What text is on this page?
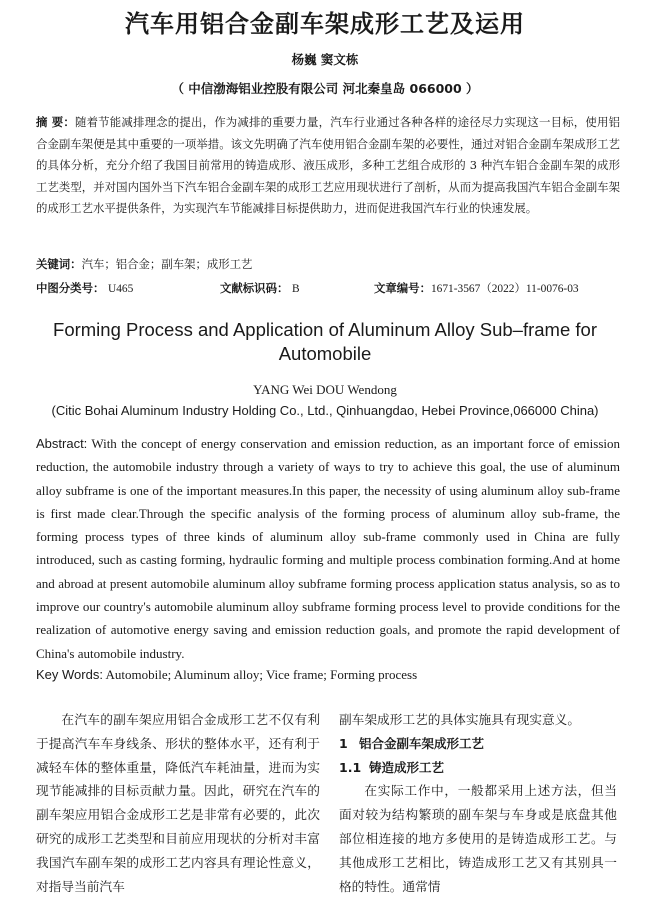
汽车用铝合金副车架成形工艺及运用
杨巍 窦文栋
（ 中信渤海铝业控股有限公司 河北秦皇岛 066000 ）
摘 要：随着节能减排理念的提出，作为减排的重要力量，汽车行业通过各种各样的途径尽力实现这一目标，使用铝合金副车架便是其中重要的一项举措。该文先明确了汽车使用铝合金副车架的必要性，通过对铝合金副车架成形工艺的具体分析，充分介绍了我国目前常用的铸造成形、液压成形，多种工艺组合成形的 3 种汽车铝合金副车架的成形工艺类型，并对国内国外当下汽车铝合金副车架的成形工艺应用现状进行了剖析，从而为提高我国汽车铝合金副车架的成形工艺水平提供条件，为实现汽车节能减排目标提供助力，进而促进我国汽车行业的快速发展。
关键词：汽车；铝合金；副车架；成形工艺
中图分类号： U465	文献标识码： B	文章编号：1671-3567（2022）11-0076-03
Forming Process and Application of Aluminum Alloy Sub–frame for Automobile
YANG Wei DOU Wendong
(Citic Bohai Aluminum Industry Holding Co., Ltd., Qinhuangdao, Hebei Province,066000 China)
Abstract: With the concept of energy conservation and emission reduction, as an important force of emission reduction, the automobile industry through a variety of ways to try to achieve this goal, the use of aluminum alloy subframe is one of the important measures.In this paper, the necessity of using aluminum alloy sub-frame is first made clear.Through the specific analysis of the forming process of aluminum alloy sub-frame, the forming process types of three kinds of aluminum alloy sub-frame commonly used in China are fully introduced, such as casting forming, hydraulic forming and multiple process combination forming.And at home and abroad at present automobile aluminum alloy subframe forming process application status analysis, so as to improve our country's automobile aluminum alloy subframe forming process level to provide conditions for the realization of automotive energy saving and emission reduction goals, and promote the rapid development of China's automobile industry.
Key Words: Automobile; Aluminum alloy; Vice frame; Forming process
在汽车的副车架应用铝合金成形工艺不仅有利于提高汽车车身线条、形状的整体水平，还有利于减轻车体的整体重量，降低汽车耗油量，进而为实现节能减排的目标贡献力量。因此，研究在汽车的副车架应用铝合金成形工艺是非常有必要的，此次研究的成形工艺类型和目前应用现状的分析对丰富我国汽车副车架的成形工艺内容具有理论性意义，对指导当前汽车

副车架成形工艺的具体实施具有现实意义。

1 铝合金副车架成形工艺

1.1 铸造成形工艺

在实际工作中，一般都采用上述方法，但当面对较为结构繁琐的副车架与车身或是底盘其他部位相连接的地方多使用的是铸造成形工艺。与其他成形工艺相比，铸造成形工艺又有其别具一格的特性。通常情
